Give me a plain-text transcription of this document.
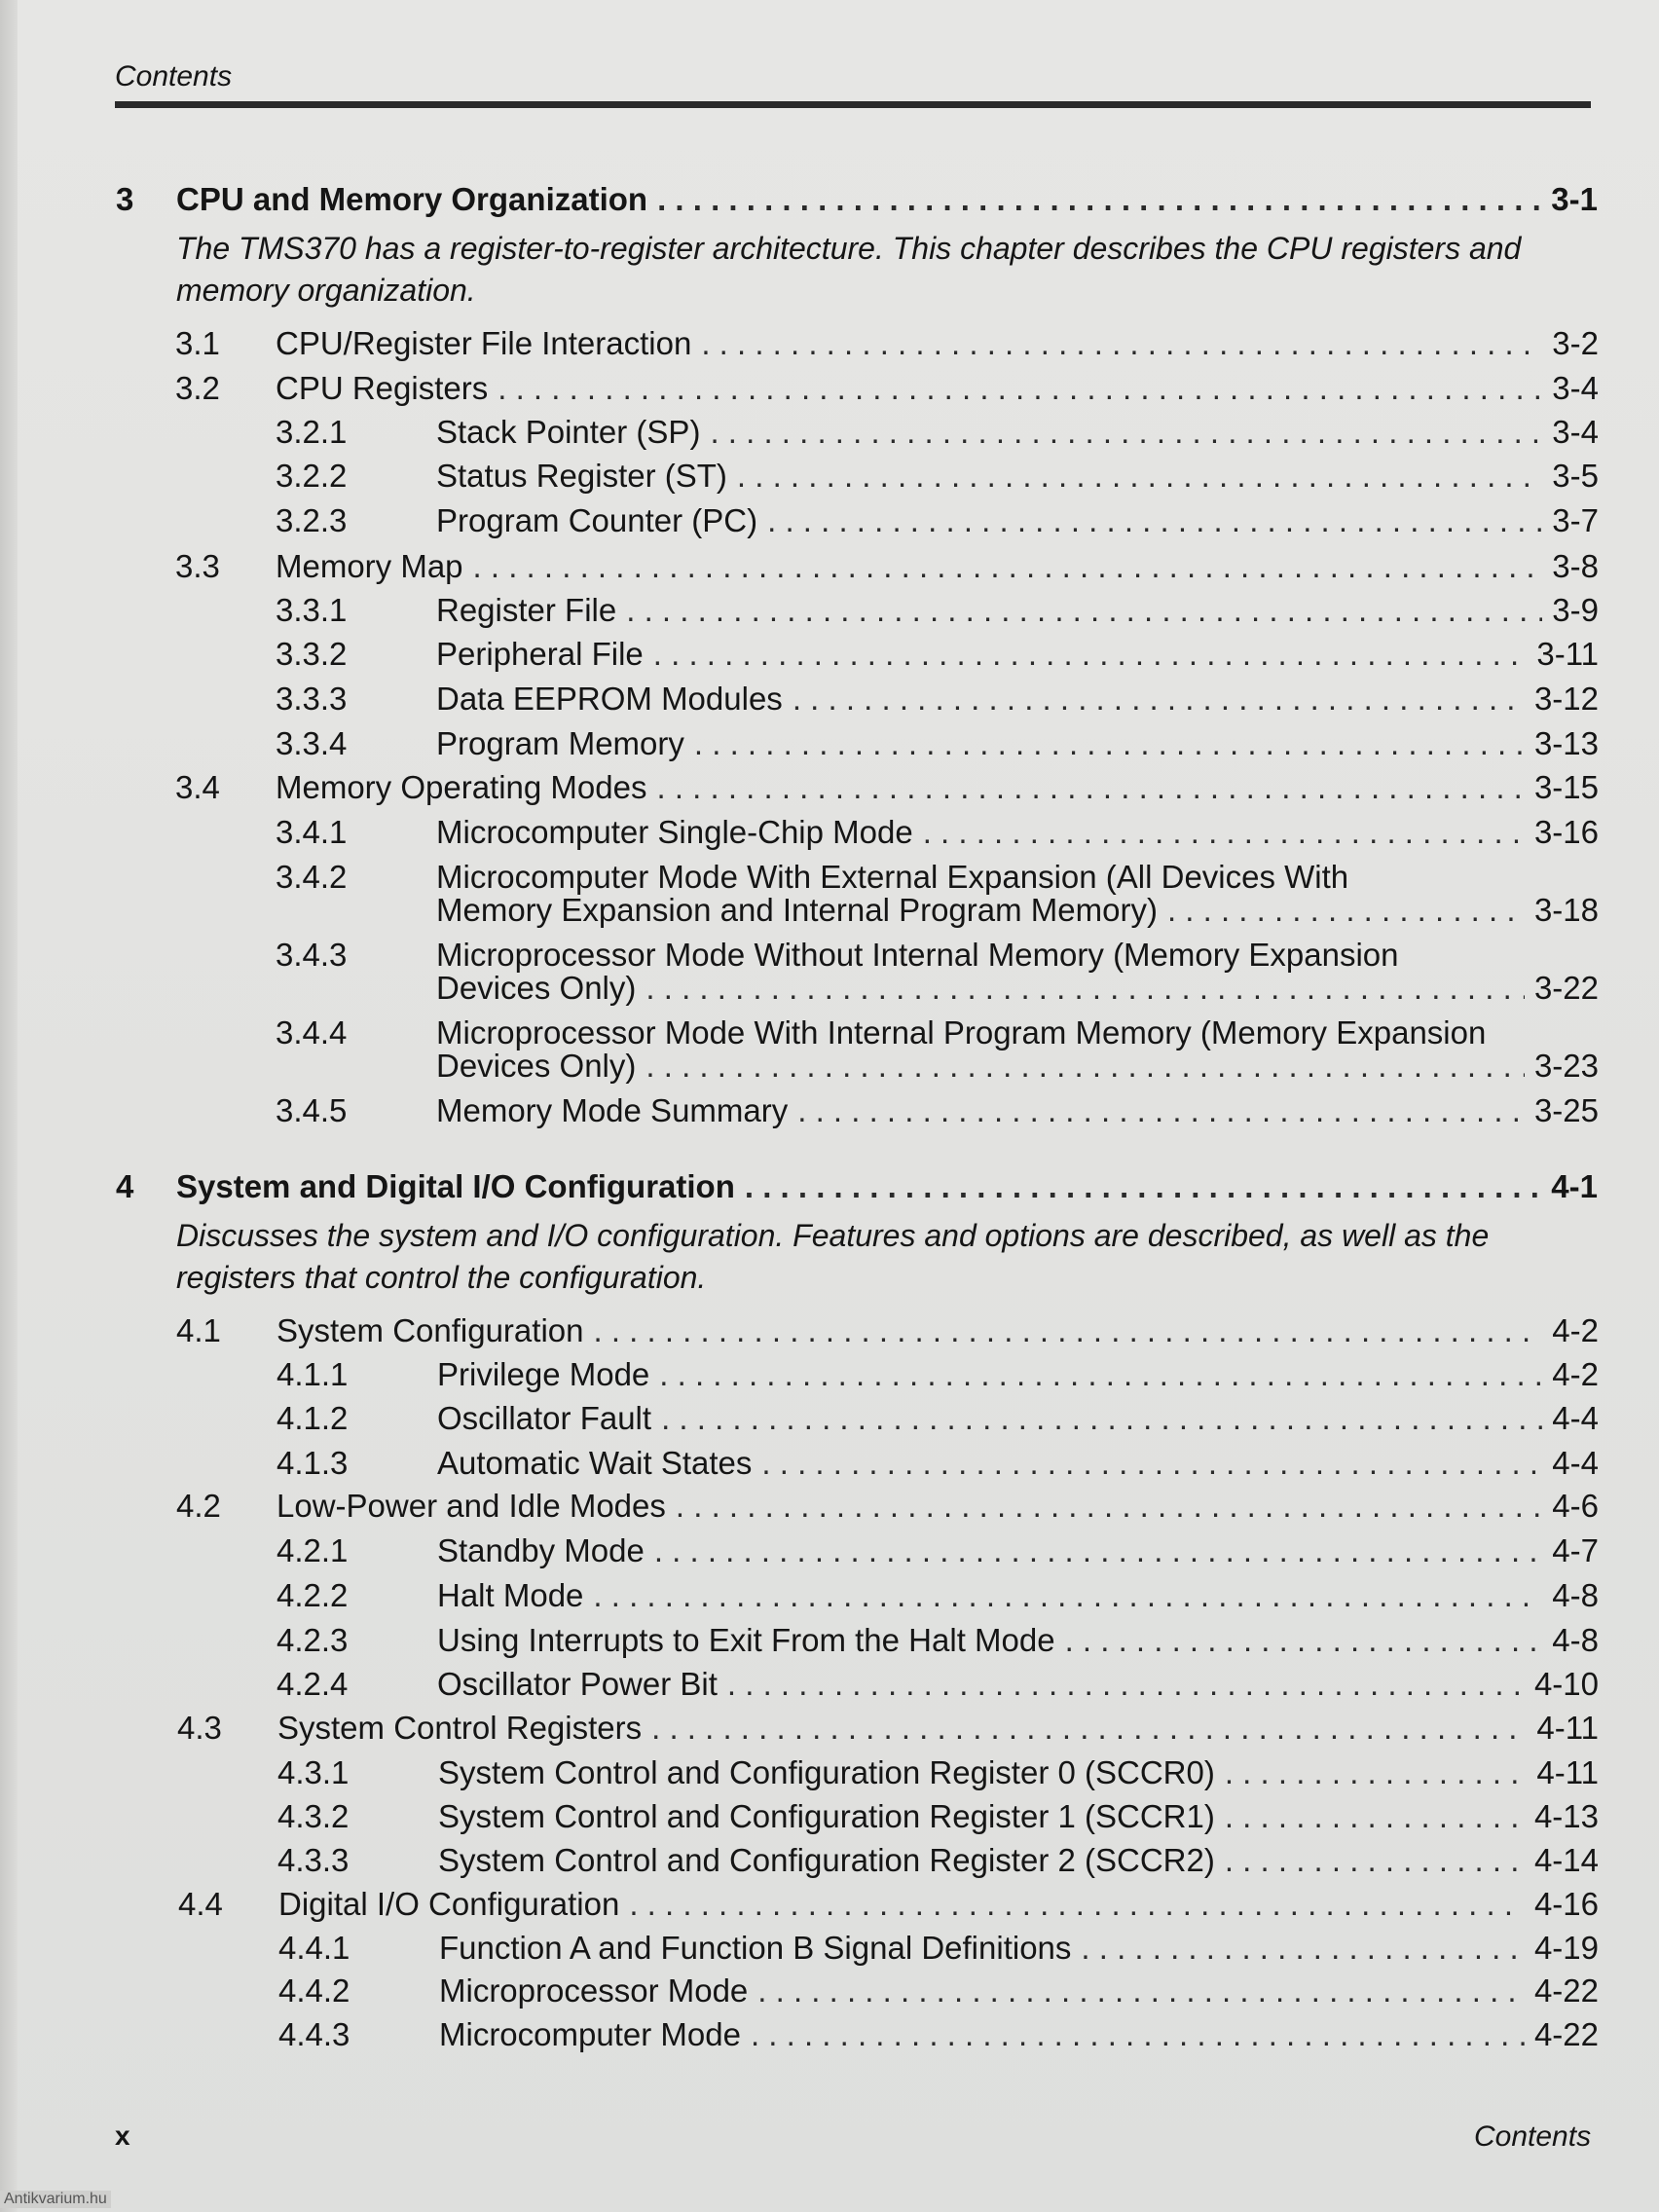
Contents
3 CPU and Memory Organization . . .	3-1
The TMS370 has a register-to-register architecture. This chapter describes the CPU registers and memory organization.
3.1	CPU/Register File Interaction . . .	3-2
3.2	CPU Registers . . .	3-4
3.2.1	Stack Pointer (SP) . . .	3-4
3.2.2	Status Register (ST) . . .	3-5
3.2.3	Program Counter (PC) . . .	3-7
3.3	Memory Map . . .	3-8
3.3.1	Register File . . .	3-9
3.3.2	Peripheral File . . .	3-11
3.3.3	Data EEPROM Modules . . .	3-12
3.3.4	Program Memory . . .	3-13
3.4	Memory Operating Modes . . .	3-15
3.4.1	Microcomputer Single-Chip Mode . . .	3-16
3.4.2	Microcomputer Mode With External Expansion (All Devices With
Memory Expansion and Internal Program Memory) . . .	3-18
3.4.3	Microprocessor Mode Without Internal Memory (Memory Expansion
Devices Only) . . .	3-22
3.4.4	Microprocessor Mode With Internal Program Memory (Memory Expansion
Devices Only) . . .	3-23
3.4.5	Memory Mode Summary . . .	3-25
4 System and Digital I/O Configuration . . .	4-1
Discusses the system and I/O configuration. Features and options are described, as well as the registers that control the configuration.
4.1	System Configuration . . .	4-2
4.1.1	Privilege Mode . . .	4-2
4.1.2	Oscillator Fault . . .	4-4
4.1.3	Automatic Wait States . . .	4-4
4.2	Low-Power and Idle Modes . . .	4-6
4.2.1	Standby Mode . . .	4-7
4.2.2	Halt Mode . . .	4-8
4.2.3	Using Interrupts to Exit From the Halt Mode . . .	4-8
4.2.4	Oscillator Power Bit . . .	4-10
4.3	System Control Registers . . .	4-11
4.3.1	System Control and Configuration Register 0 (SCCR0) . . .	4-11
4.3.2	System Control and Configuration Register 1 (SCCR1) . . .	4-13
4.3.3	System Control and Configuration Register 2 (SCCR2) . . .	4-14
4.4	Digital I/O Configuration . . .	4-16
4.4.1	Function A and Function B Signal Definitions . . .	4-19
4.4.2	Microprocessor Mode . . .	4-22
4.4.3	Microcomputer Mode . . .	4-22
x	Contents
Antikvarium.hu
